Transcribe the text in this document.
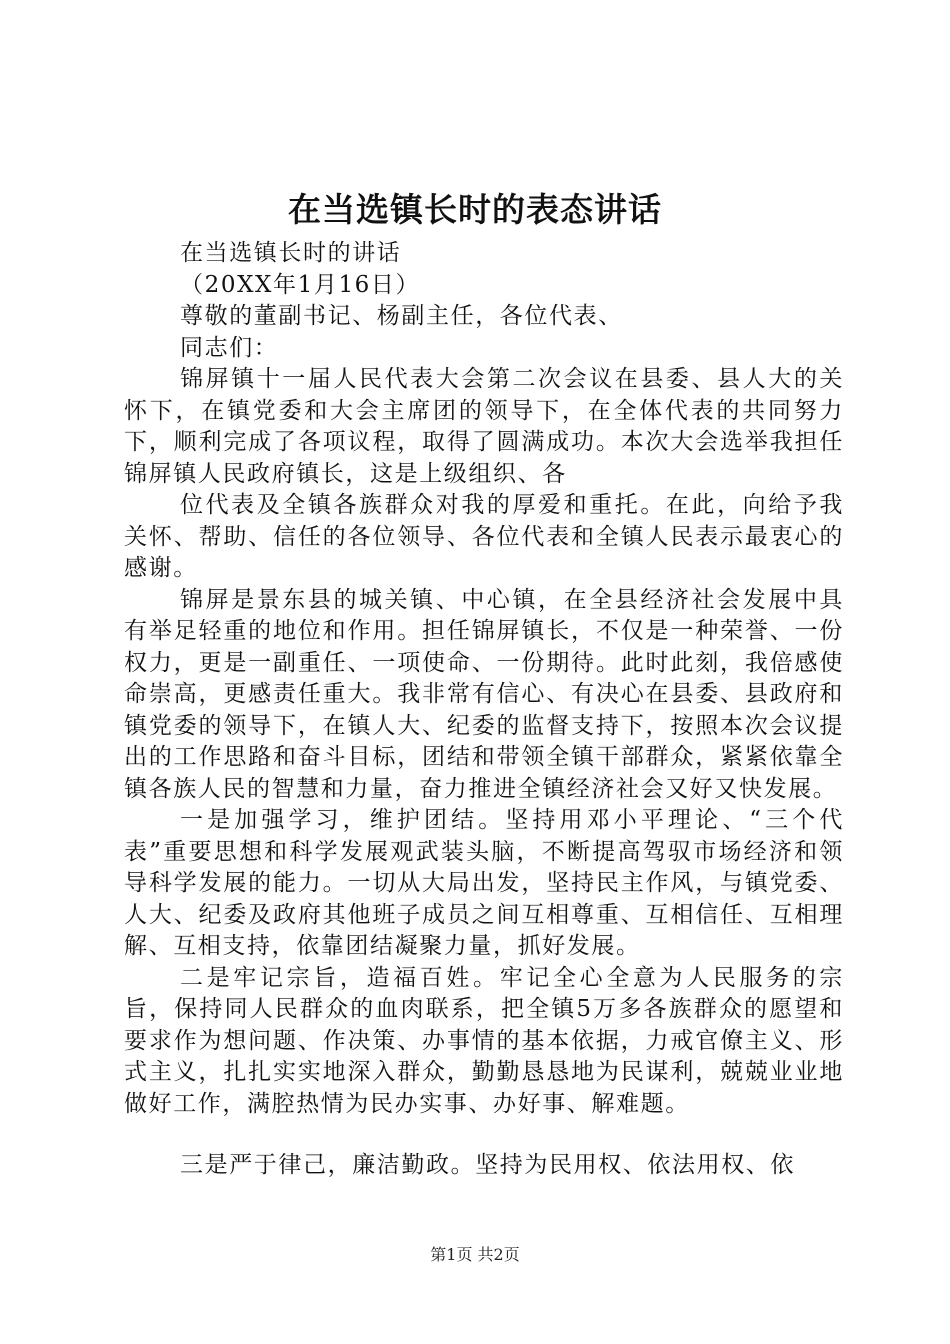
在当选镇长时的表态讲话

在当选镇长时的讲话

（20XX年1月16日）

尊敬的董副书记、杨副主任，各位代表、

同志们：

锦屏镇十一届人民代表大会第二次会议在县委、县人大的关怀下，在镇党委和大会主席团的领导下，在全体代表的共同努力下，顺利完成了各项议程，取得了圆满成功。本次大会选举我担任锦屏镇人民政府镇长，这是上级组织、各

位代表及全镇各族群众对我的厚爱和重托。在此，向给予我关怀、帮助、信任的各位领导、各位代表和全镇人民表示最衷心的感谢。

锦屏是景东县的城关镇、中心镇，在全县经济社会发展中具有举足轻重的地位和作用。担任锦屏镇长，不仅是一种荣誉、一份权力，更是一副重任、一项使命、一份期待。此时此刻，我倍感使命崇高，更感责任重大。我非常有信心、有决心在县委、县政府和镇党委的领导下，在镇人大、纪委的监督支持下，按照本次会议提出的工作思路和奋斗目标，团结和带领全镇干部群众，紧紧依靠全镇各族人民的智慧和力量，奋力推进全镇经济社会又好又快发展。

一是加强学习，维护团结。坚持用邓小平理论、“三个代表”重要思想和科学发展观武装头脑，不断提高驾驭市场经济和领导科学发展的能力。一切从大局出发，坚持民主作风，与镇党委、人大、纪委及政府其他班子成员之间互相尊重、互相信任、互相理解、互相支持，依靠团结凝聚力量，抓好发展。

二是牢记宗旨，造福百姓。牢记全心全意为人民服务的宗旨，保持同人民群众的血肉联系，把全镇5万多各族群众的愿望和要求作为想问题、作决策、办事情的基本依据，力戒官僚主义、形式主义，扎扎实实地深入群众，勤勤恳恳地为民谋利，兢兢业业地做好工作，满腔热情为民办实事、办好事、解难题。

三是严于律己，廉洁勤政。坚持为民用权、依法用权、依

第1页 共2页
